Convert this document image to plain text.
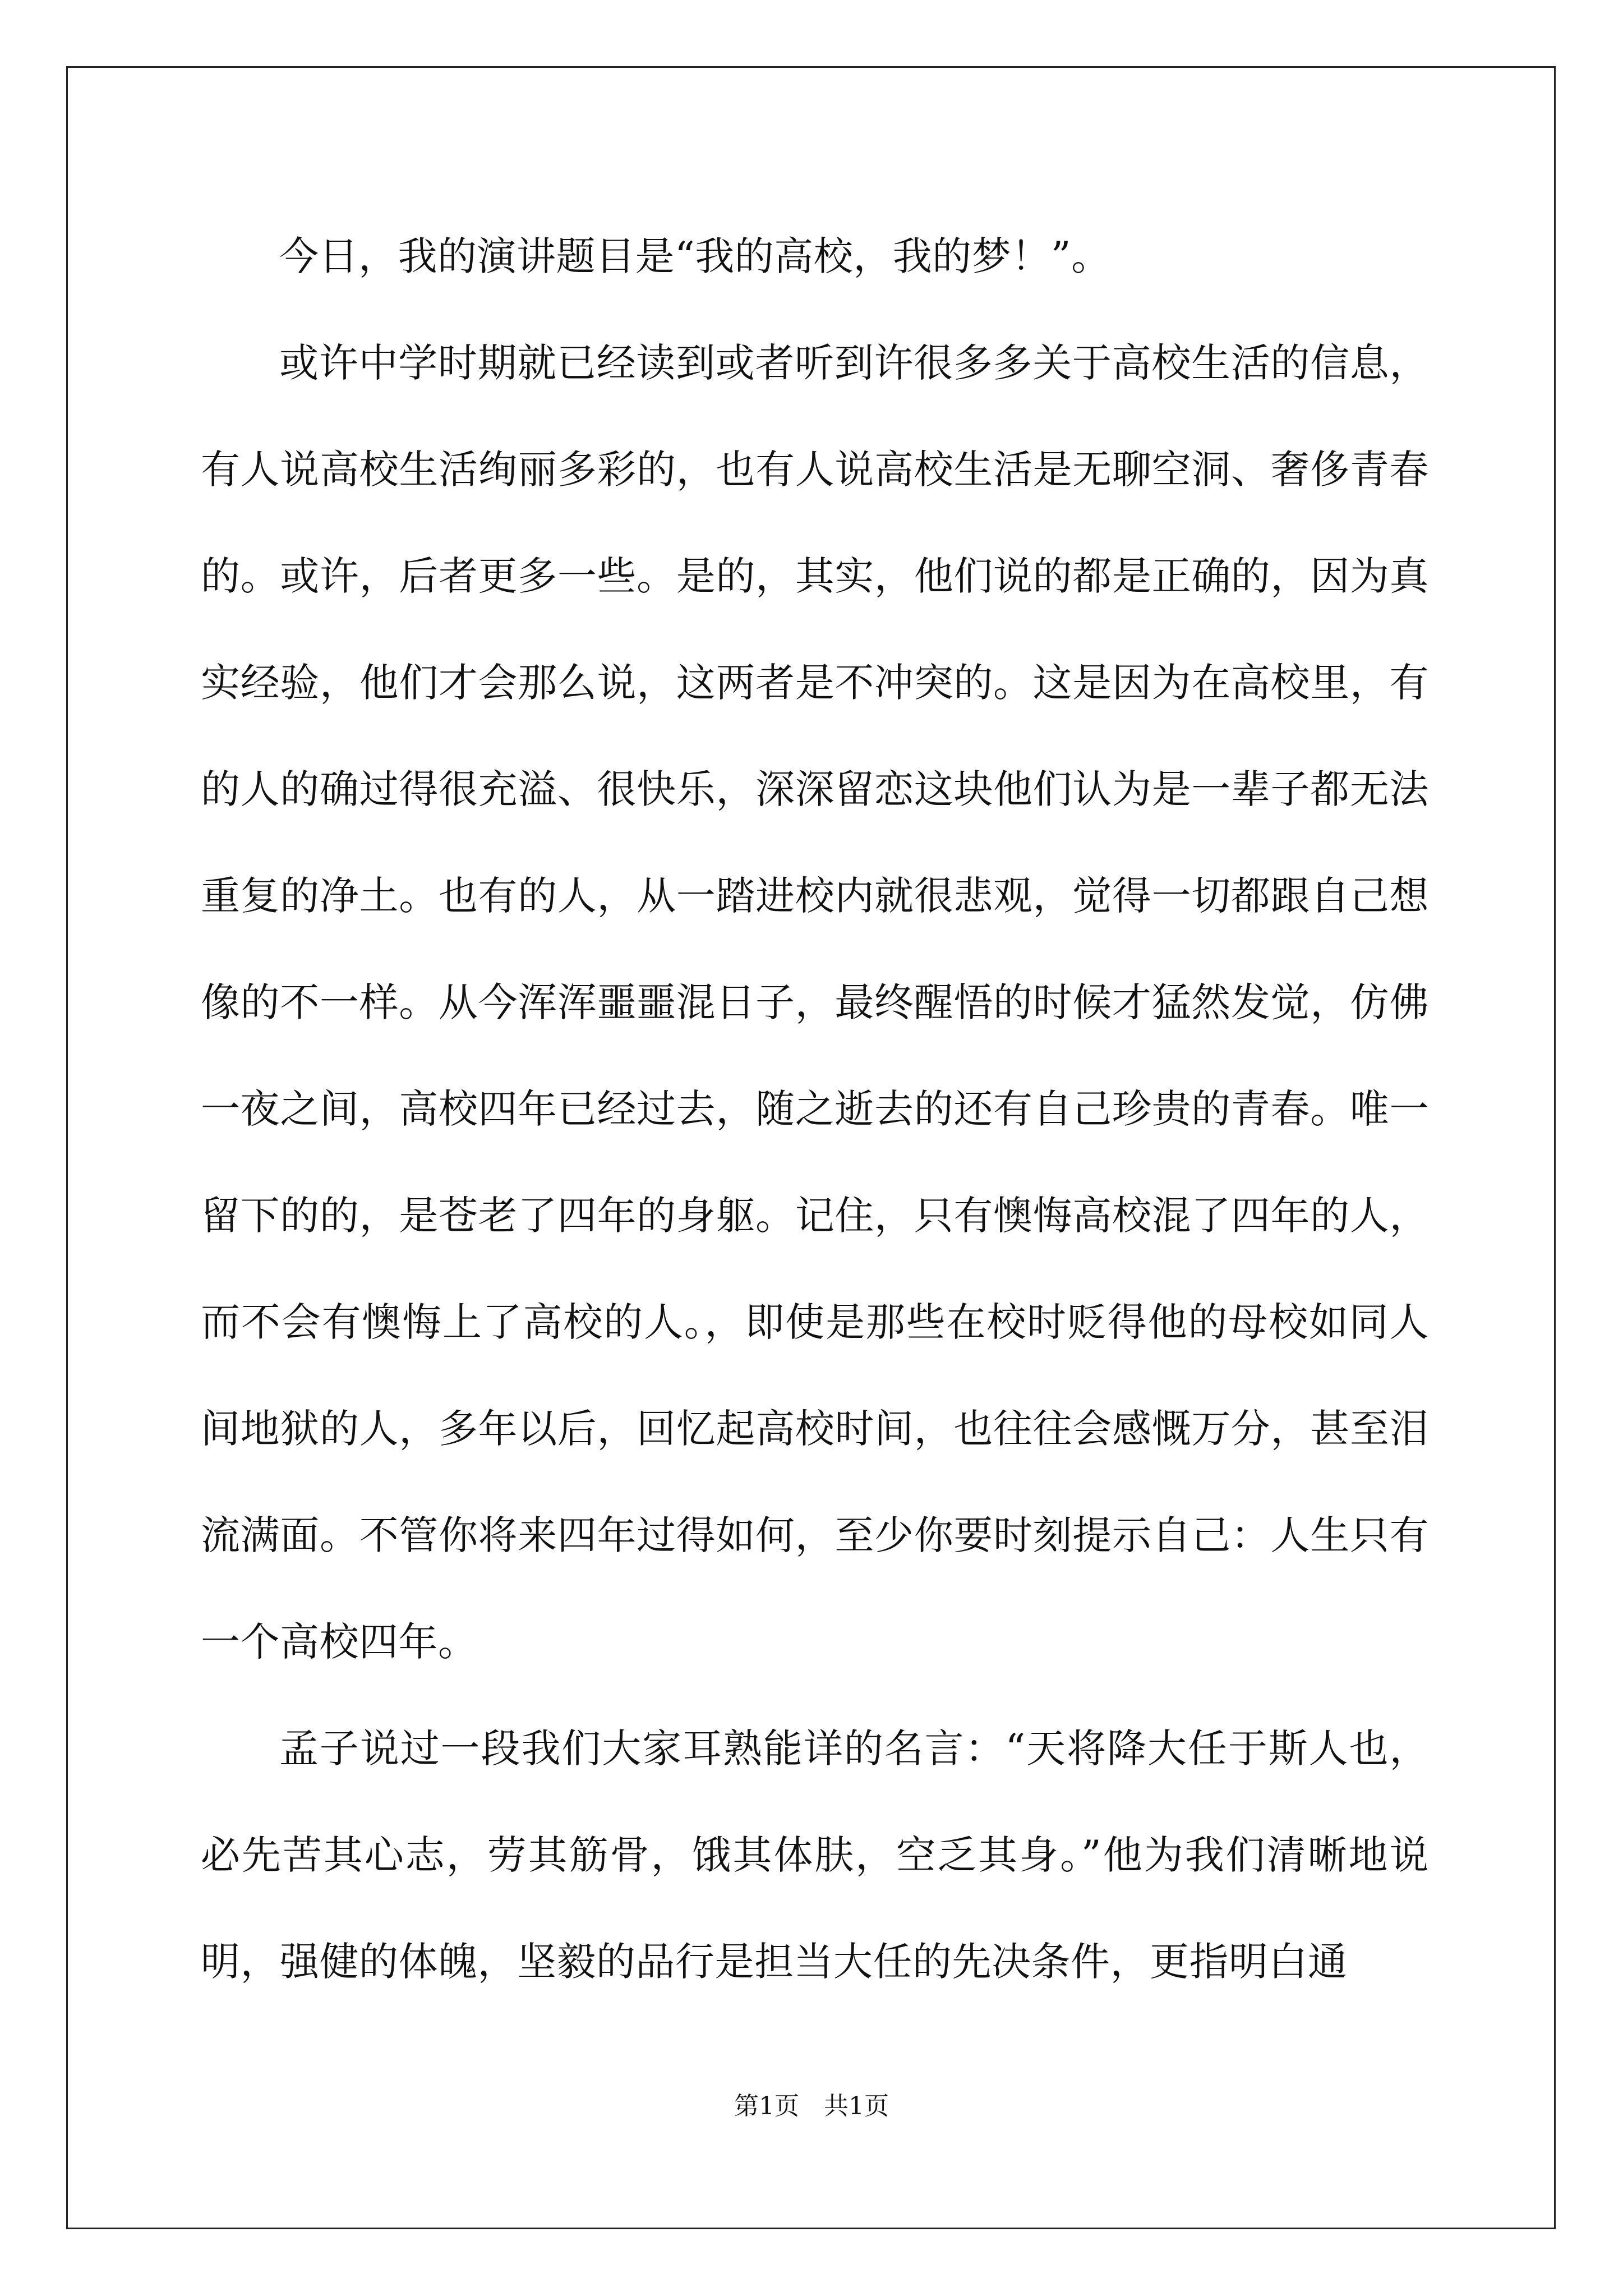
今日，我的演讲题目是“我的高校，我的梦！”。

或许中学时期就已经读到或者听到许很多多关于高校生活的信息，有人说高校生活绚丽多彩的，也有人说高校生活是无聊空洞、奢侈青春的。或许，后者更多一些。是的，其实，他们说的都是正确的，因为真实经验，他们才会那么说，这两者是不冲突的。这是因为在高校里，有的人的确过得很充溢、很快乐，深深留恋这块他们认为是一辈子都无法重复的净土。也有的人，从一踏进校内就很悲观，觉得一切都跟自己想像的不一样。从今浑浑噩噩混日子，最终醒悟的时候才猛然发觉，仿佛一夜之间，高校四年已经过去，随之逝去的还有自己珍贵的青春。唯一留下的的，是苍老了四年的身躯。记住，只有懊悔高校混了四年的人，而不会有懊悔上了高校的人。，即使是那些在校时贬得他的母校如同人间地狱的人，多年以后，回忆起高校时间，也往往会感慨万分，甚至泪流满面。不管你将来四年过得如何，至少你要时刻提示自己：人生只有一个高校四年。

孟子说过一段我们大家耳熟能详的名言：“天将降大任于斯人也，必先苦其心志，劳其筋骨，饿其体肤，空乏其身。”他为我们清晰地说明，强健的体魄，坚毅的品行是担当大任的先决条件，更指明白通

第1页　共1页
